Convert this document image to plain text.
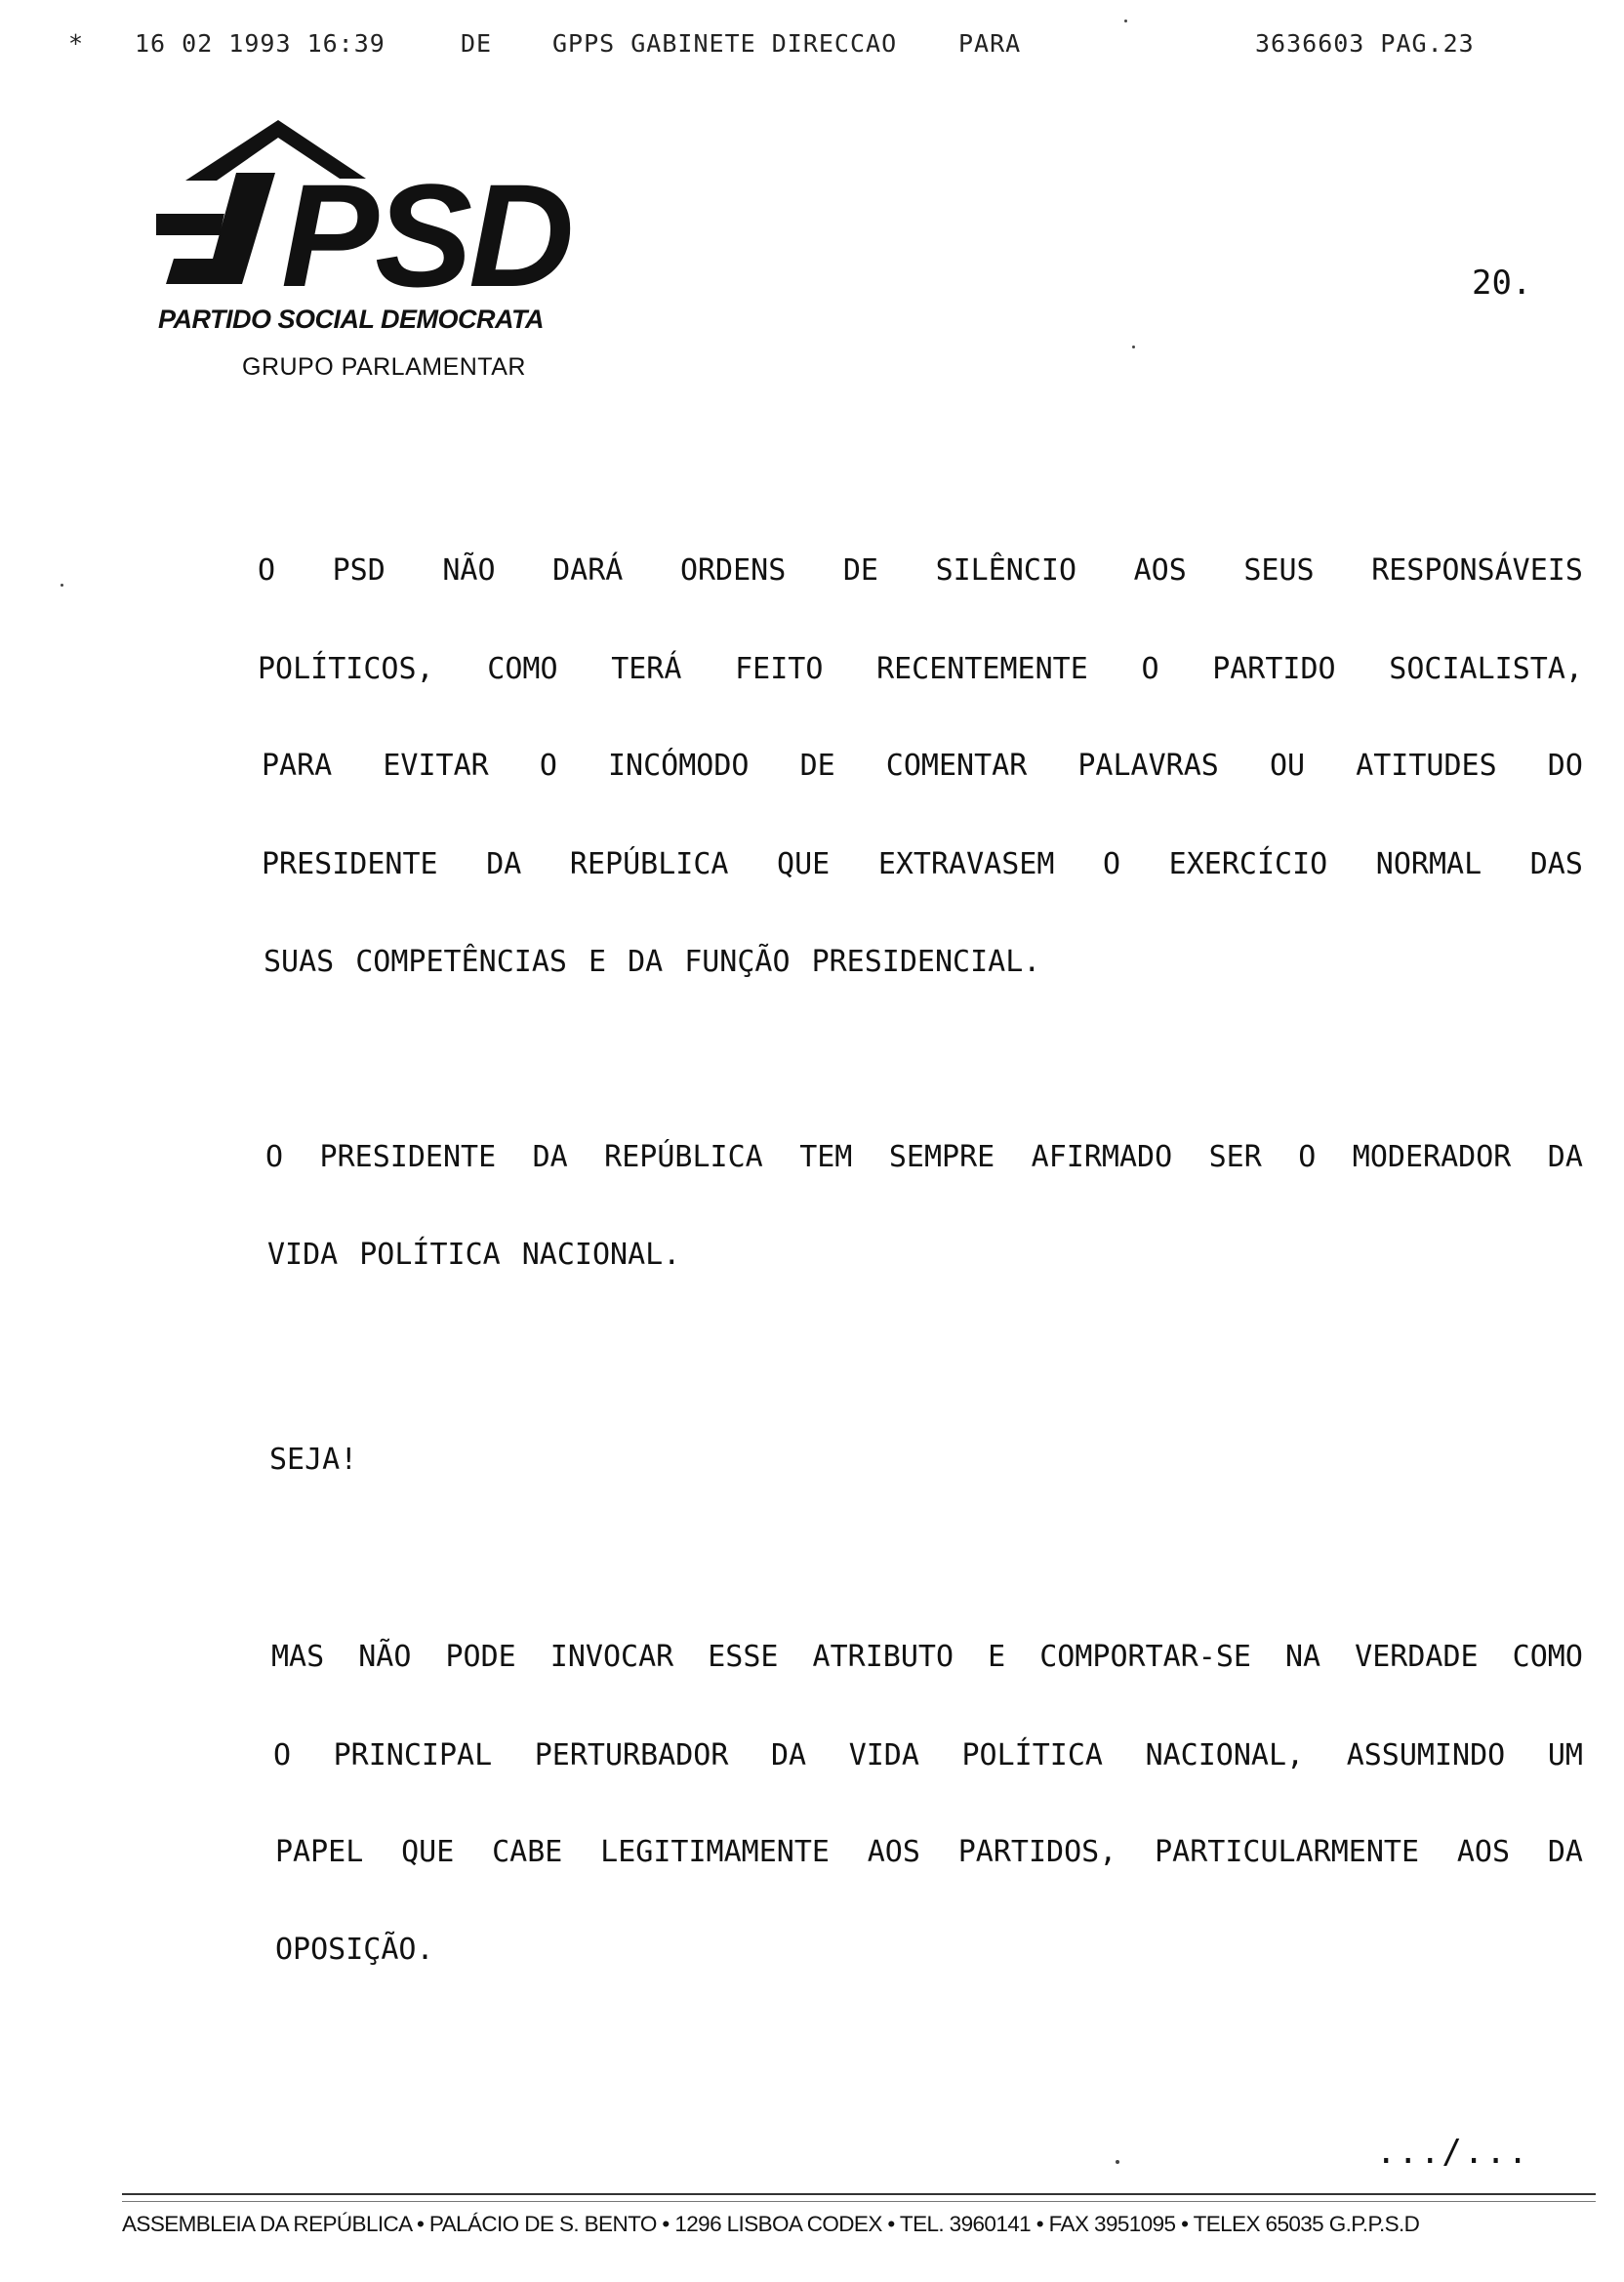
* 16 02 1993 16:39	DE GPPS GABINETE DIRECCAO	PARA	3636603 PAG.23
PSD
PARTIDO SOCIAL DEMOCRATA
GRUPO PARLAMENTAR
20.
O PSD NÃO DARÁ ORDENS DE SILÊNCIO AOS SEUS RESPONSÁVEIS
POLÍTICOS, COMO TERÁ FEITO RECENTEMENTE O PARTIDO SOCIALISTA,
PARA EVITAR O INCÓMODO DE COMENTAR PALAVRAS OU ATITUDES DO
PRESIDENTE DA REPÚBLICA QUE EXTRAVASEM O EXERCÍCIO NORMAL DAS
SUAS COMPETÊNCIAS E DA FUNÇÃO PRESIDENCIAL.
O PRESIDENTE DA REPÚBLICA TEM SEMPRE AFIRMADO SER O MODERADOR DA
VIDA POLÍTICA NACIONAL.
SEJA!
MAS NÃO PODE INVOCAR ESSE ATRIBUTO E COMPORTAR-SE NA VERDADE COMO
O PRINCIPAL PERTURBADOR DA VIDA POLÍTICA NACIONAL, ASSUMINDO UM
PAPEL QUE CABE LEGITIMAMENTE AOS PARTIDOS, PARTICULARMENTE AOS DA
OPOSIÇÃO.
.../...
ASSEMBLEIA DA REPÚBLICA • PALÁCIO DE S. BENTO • 1296 LISBOA CODEX • TEL. 3960141 • FAX 3951095 • TELEX 65035 G.P.P.S.D
